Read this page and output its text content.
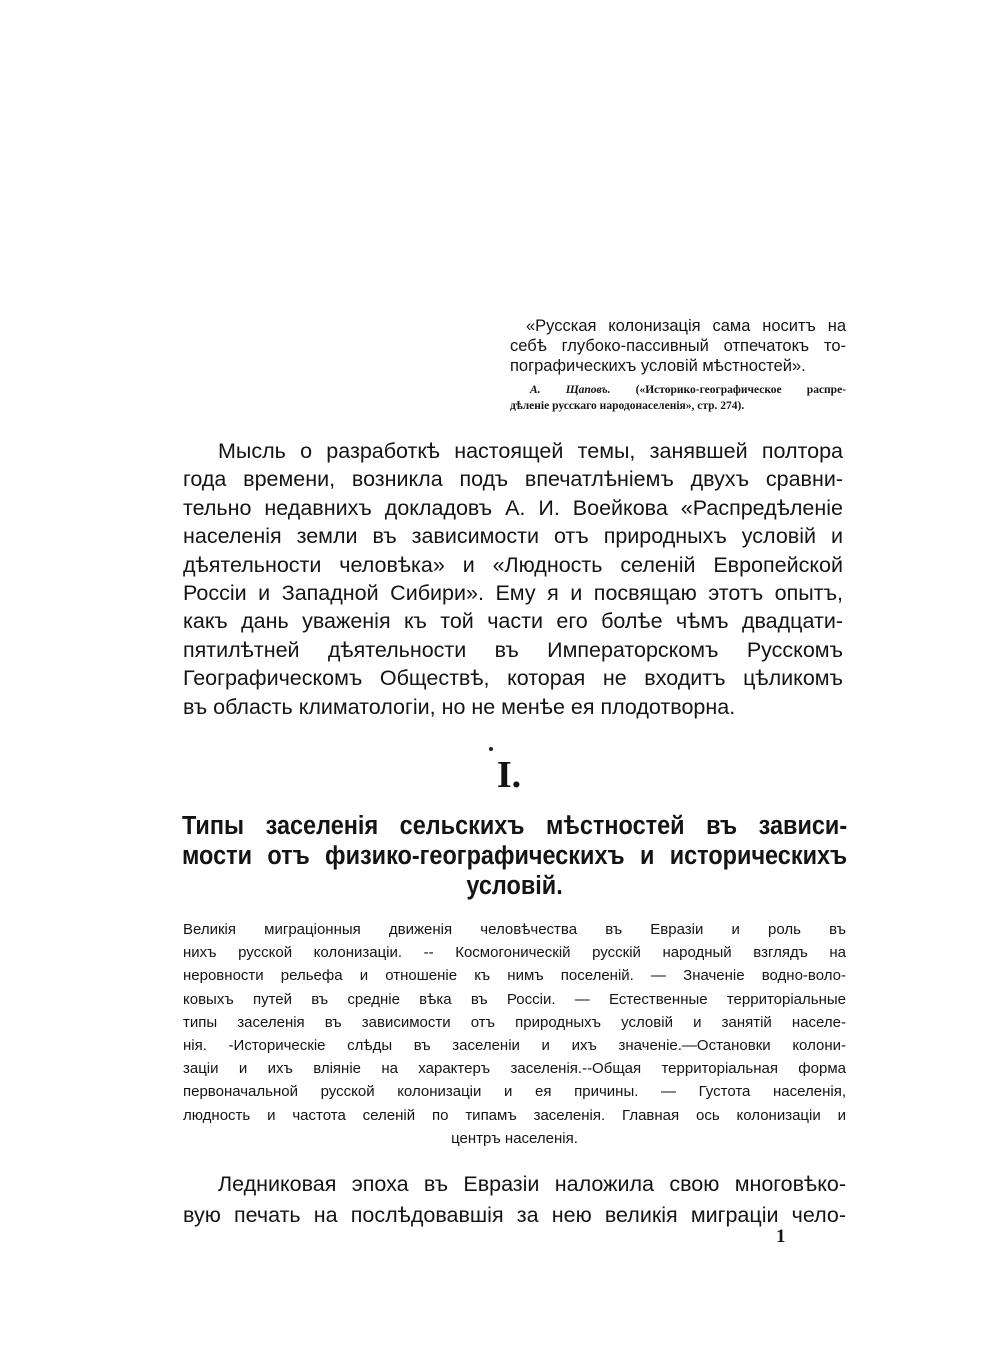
«Русская колонизація сама носитъ на
себѣ глубоко-пассивный отпечатокъ то-
пографическихъ условій мѣстностей».
А. Щаповъ. («Историко-географическое распре-
дѣленіе русскаго народонаселенія», стр. 274).
Мысль о разработкѣ настоящей темы, занявшей полтора
года времени, возникла подъ впечатлѣніемъ двухъ сравни-
тельно недавнихъ докладовъ А. И. Воейкова «Распредѣленіе
населенія земли въ зависимости отъ природныхъ условій и
дѣятельности человѣка» и «Людность селеній Европейской
Россіи и Западной Сибири». Ему я и посвящаю этотъ опытъ,
какъ дань уваженія къ той части его болѣе чѣмъ двадцати-
пятилѣтней дѣятельности въ Императорскомъ Русскомъ
Географическомъ Обществѣ, которая не входитъ цѣликомъ
въ область климатологіи, но не менѣе ея плодотворна.
I.
Типы заселенія сельскихъ мѣстностей въ зависи-
мости отъ физико-географическихъ и историческихъ
условій.
Великія миграціонныя движенія человѣчества въ Евразіи и роль въ
нихъ русской колонизаціи. -- Космогоническій русскій народный взглядъ на
неровности рельефа и отношеніе къ нимъ поселеній. — Значеніе водно-воло-
ковыхъ путей въ средніе вѣка въ Россіи. — Естественные территоріальные
типы заселенія въ зависимости отъ природныхъ условій и занятій населе-
нія. -Историческіе слѣды въ заселеніи и ихъ значеніе.—Остановки колони-
заціи и ихъ вліяніе на характеръ заселенія.--Общая территоріальная форма
первоначальной русской колонизаціи и ея причины. — Густота населенія,
людность и частота селеній по типамъ заселенія. Главная ось колонизаціи и
центръ населенія.
Ледниковая эпоха въ Евразіи наложила свою многовѣко-
вую печать на послѣдовавшія за нею великія миграціи чело-
1
